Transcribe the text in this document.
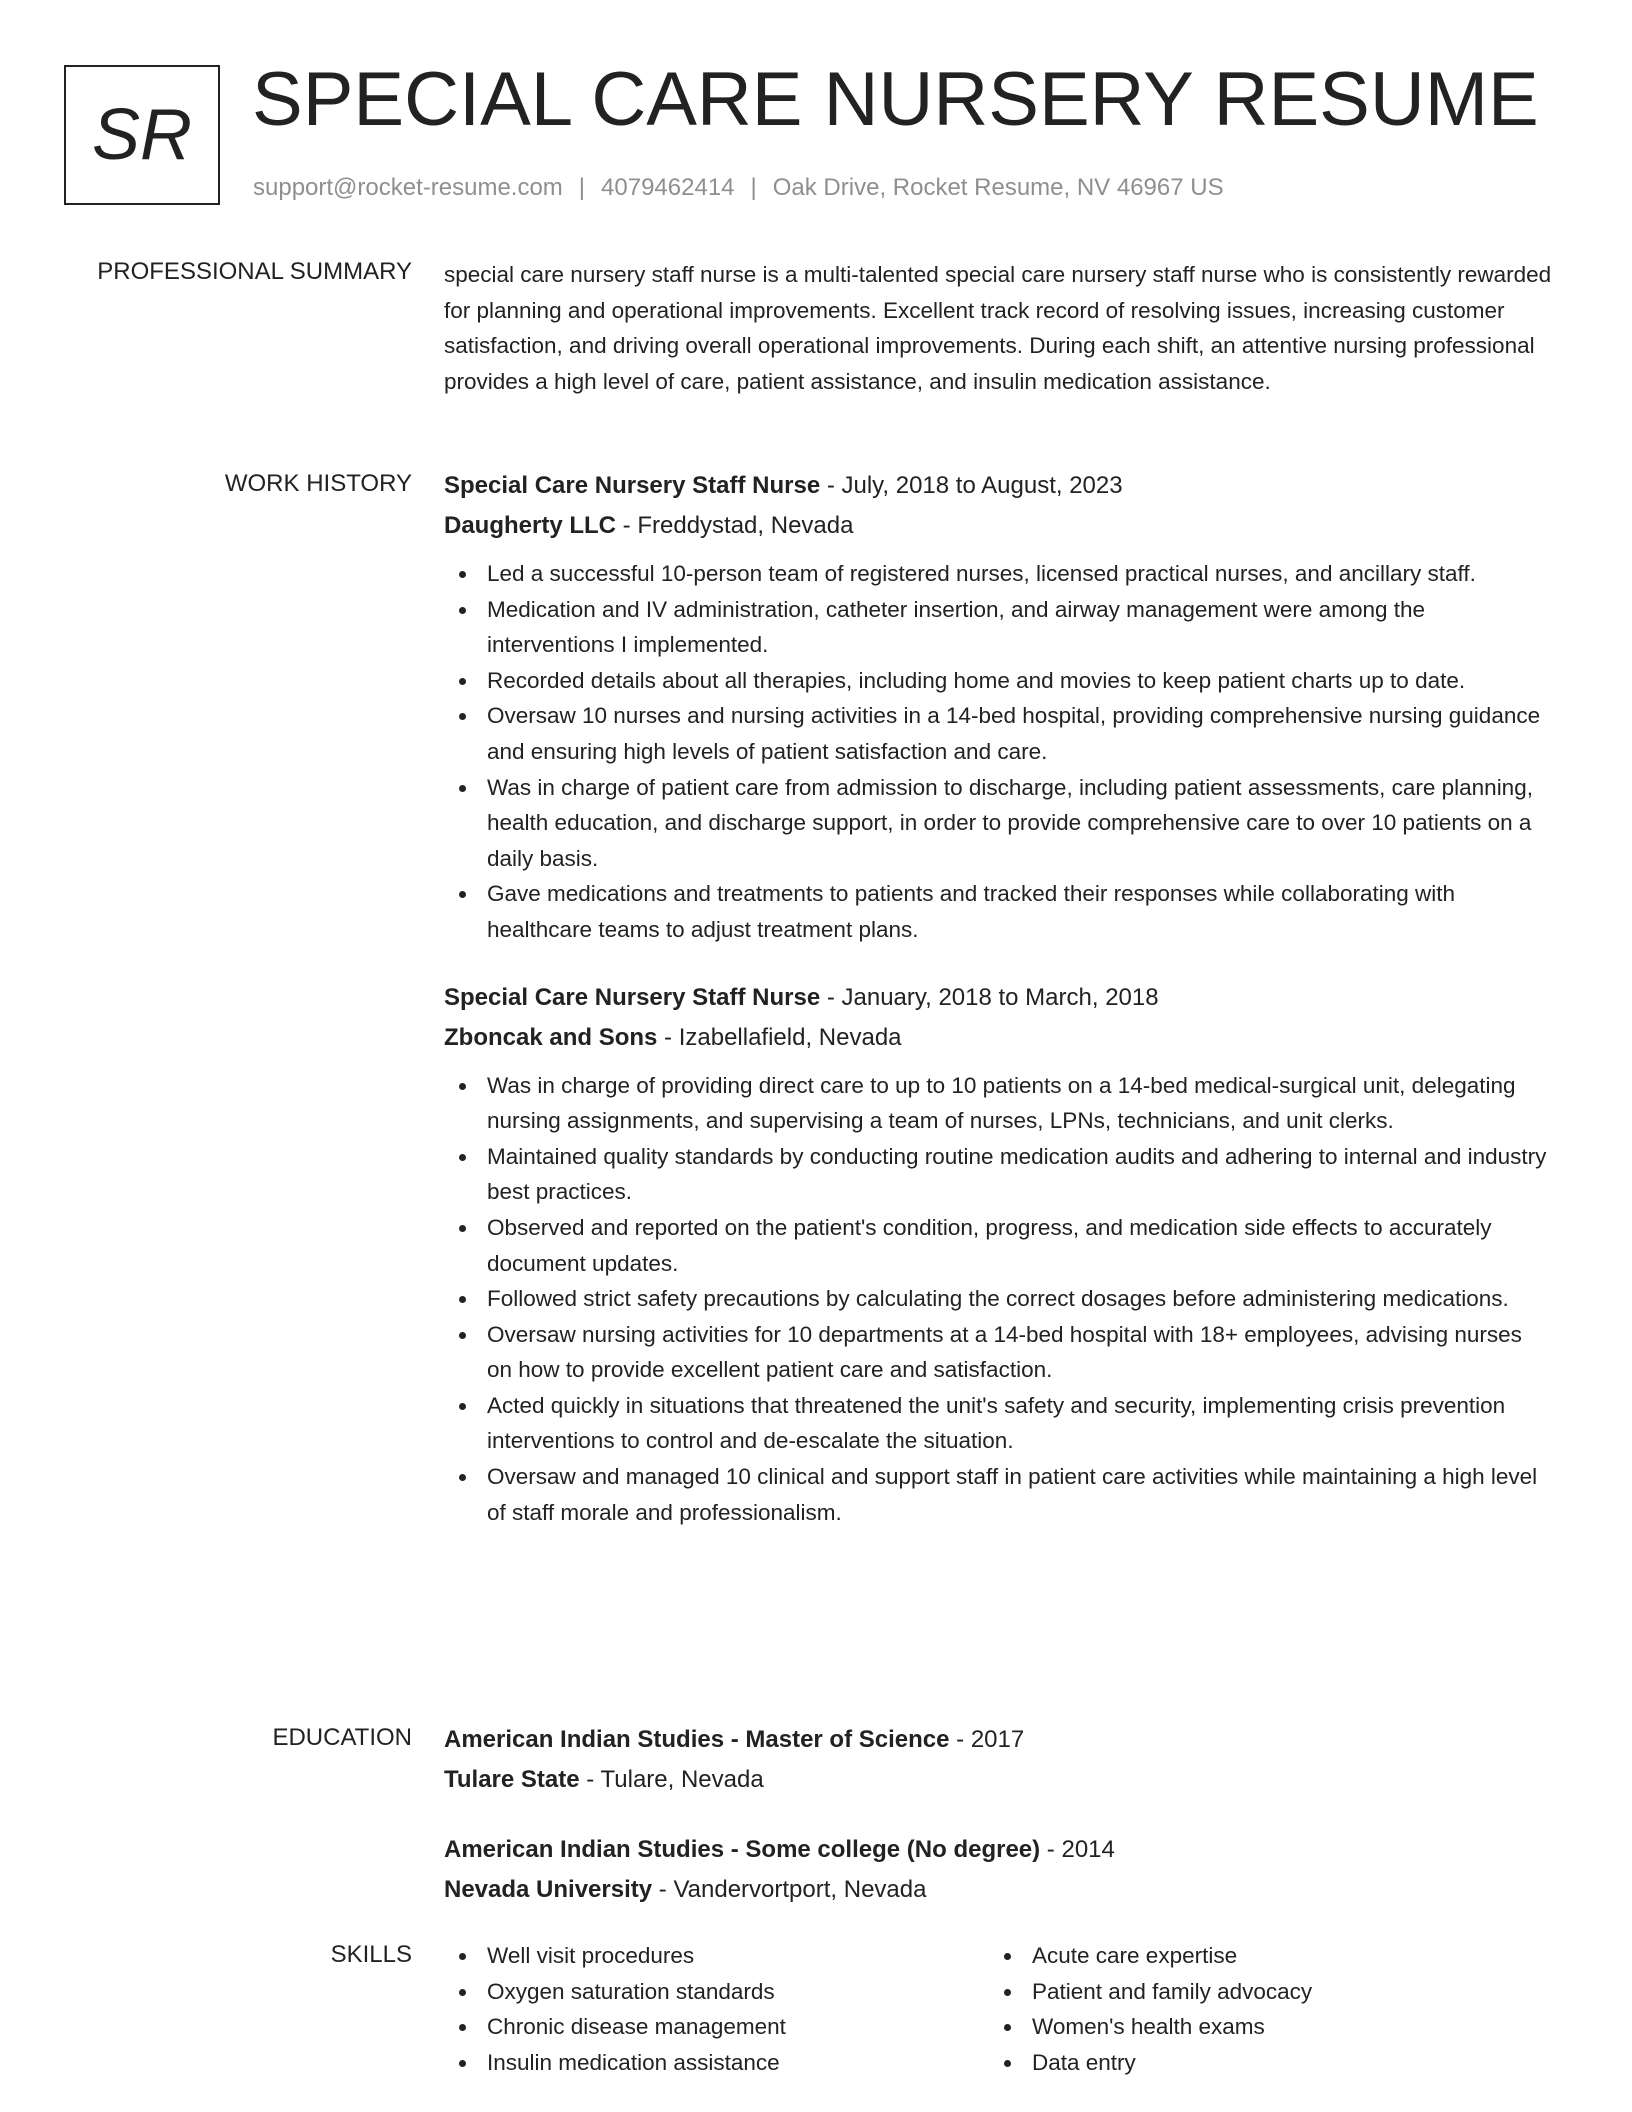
SR SPECIAL CARE NURSERY RESUME
support@rocket-resume.com | 4079462414 | Oak Drive, Rocket Resume, NV 46967 US
PROFESSIONAL SUMMARY special care nursery staff nurse is a multi-talented special care nursery staff nurse who is consistently rewarded for planning and operational improvements. Excellent track record of resolving issues, increasing customer satisfaction, and driving overall operational improvements. During each shift, an attentive nursing professional provides a high level of care, patient assistance, and insulin medication assistance.

WORK HISTORY Special Care Nursery Staff Nurse - July, 2018 to August, 2023
Daugherty LLC - Freddystad, Nevada
Led a successful 10-person team of registered nurses, licensed practical nurses, and ancillary staff.
Medication and IV administration, catheter insertion, and airway management were among the interventions I implemented.
Recorded details about all therapies, including home and movies to keep patient charts up to date.
Oversaw 10 nurses and nursing activities in a 14-bed hospital, providing comprehensive nursing guidance and ensuring high levels of patient satisfaction and care.
Was in charge of patient care from admission to discharge, including patient assessments, care planning, health education, and discharge support, in order to provide comprehensive care to over 10 patients on a daily basis.
Gave medications and treatments to patients and tracked their responses while collaborating with healthcare teams to adjust treatment plans.
Special Care Nursery Staff Nurse - January, 2018 to March, 2018
Zboncak and Sons - Izabellafield, Nevada
Was in charge of providing direct care to up to 10 patients on a 14-bed medical-surgical unit, delegating nursing assignments, and supervising a team of nurses, LPNs, technicians, and unit clerks.
Maintained quality standards by conducting routine medication audits and adhering to internal and industry best practices.
Observed and reported on the patient's condition, progress, and medication side effects to accurately document updates.
Followed strict safety precautions by calculating the correct dosages before administering medications.
Oversaw nursing activities for 10 departments at a 14-bed hospital with 18+ employees, advising nurses on how to provide excellent patient care and satisfaction.
Acted quickly in situations that threatened the unit's safety and security, implementing crisis prevention interventions to control and de-escalate the situation.
Oversaw and managed 10 clinical and support staff in patient care activities while maintaining a high level of staff morale and professionalism.
EDUCATION American Indian Studies - Master of Science - 2017
Tulare State - Tulare, Nevada
American Indian Studies - Some college (No degree) - 2014
Nevada University - Vandervortport, Nevada
SKILLS	Well visit procedures
Oxygen saturation standards
Chronic disease management
Insulin medication assistance
Acute care expertise
Patient and family advocacy
Women's health exams
Data entry
